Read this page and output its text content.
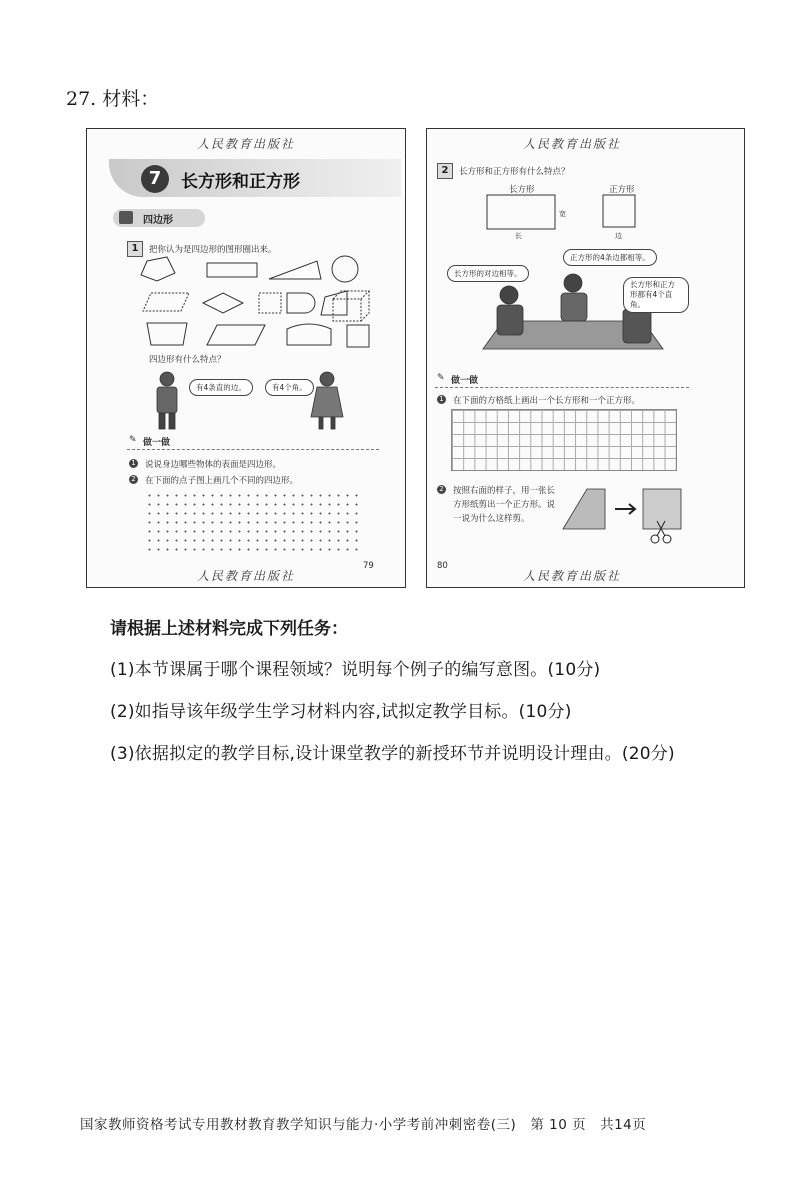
27. 材料：
人民教育出版社
7	长方形和正方形
四边形
1	把你认为是四边形的图形圈出来。
四边形有什么特点？
有4条直的边。	有4个角。
✎ 做一做
1 说说身边哪些物体的表面是四边形。
2 在下面的点子图上画几个不同的四边形。
79
人民教育出版社
人民教育出版社
2	长方形和正方形有什么特点？
长方形	正方形
宽
长	边
正方形的4条边都相等。
长方形的对边相等。
长方形和正方形都有4个直角。
✎ 做一做
1 在下面的方格纸上画出一个长方形和一个正方形。
2 按照右面的样子，用一张长方形纸剪出一个正方形。说一说为什么这样剪。
80
人民教育出版社
请根据上述材料完成下列任务：
(1)本节课属于哪个课程领域？说明每个例子的编写意图。(10分)
(2)如指导该年级学生学习材料内容,试拟定教学目标。(10分)
(3)依据拟定的教学目标,设计课堂教学的新授环节并说明设计理由。(20分)
国家教师资格考试专用教材教育教学知识与能力·小学考前冲刺密卷(三)　第 10 页　共14页
